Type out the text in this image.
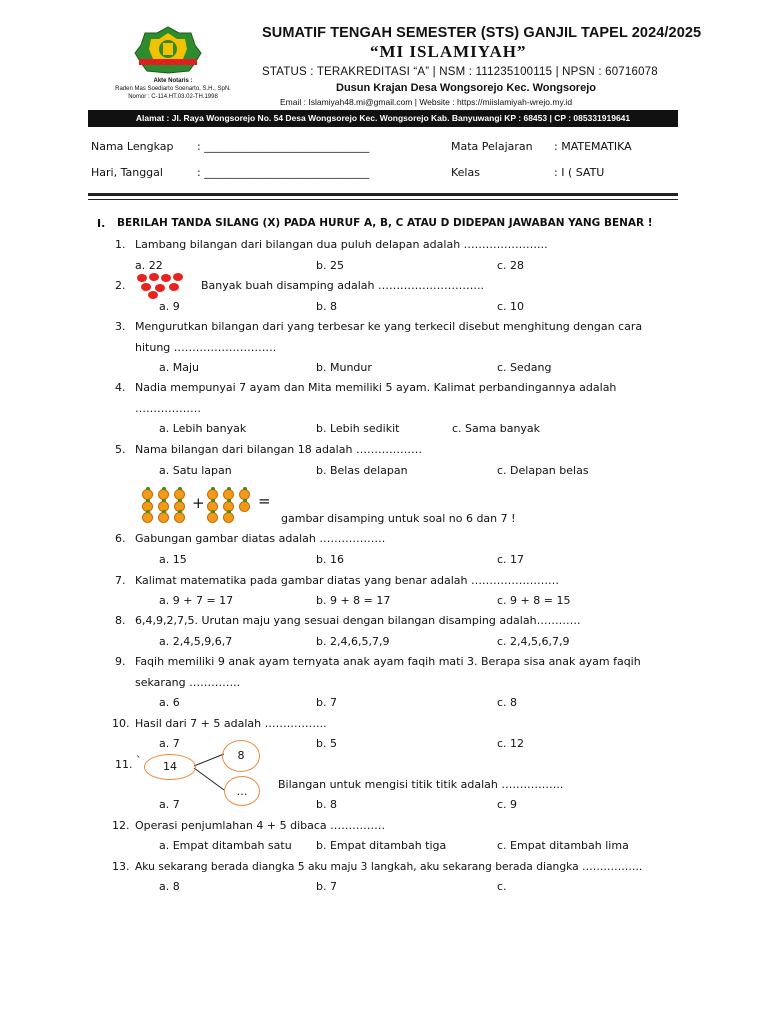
Akte Notaris :
Raden Mas Soediarto Soenarto, S.H., SpN.
Nomor : C-114.HT.03.02-TH.1998
SUMATIF TENGAH SEMESTER (STS) GANJIL TAPEL 2024/2025
“MI ISLAMIYAH”
STATUS : TERAKREDITASI “A” | NSM : 111235100115 | NPSN : 60716078
Dusun Krajan Desa Wongsorejo Kec. Wongsorejo
Email : Islamiyah48.mi@gmail.com | Website : https://miislamiyah-wrejo.my.id
Alamat : Jl. Raya Wongsorejo No. 54 Desa Wongsorejo Kec. Wongsorejo Kab. Banyuwangi KP : 68453 | CP : 085331919641
Nama Lengkap : ______________________________
Hari, Tanggal	: ______________________________
Mata Pelajaran : MATEMATIKA
Kelas	: I ( SATU
I. BERILAH TANDA SILANG (X) PADA HURUF A, B, C ATAU D DIDEPAN JAWABAN YANG BENAR !
1. Lambang bilangan dari bilangan dua puluh delapan adalah …………………..
a. 22	b. 25	c. 28
2.	Banyak buah disamping adalah ………………………..
a. 9	b. 8	c. 10
3. Mengurutkan bilangan dari yang terbesar ke yang terkecil disebut menghitung dengan cara
hitung ……………………….
a. Maju	b. Mundur	c. Sedang
4. Nadia mempunyai 7 ayam dan Mita memiliki 5 ayam. Kalimat perbandingannya adalah
………………
a. Lebih banyak	b. Lebih sedikit	c. Sama banyak
5. Nama bilangan dari bilangan 18 adalah ………………
a. Satu lapan	b. Belas delapan	c. Delapan belas
+	=
gambar disamping untuk soal no 6 dan 7 !
6. Gabungan gambar diatas adalah ………………
a. 15	b. 16	c. 17
7. Kalimat matematika pada gambar diatas yang benar adalah ……………………
a. 9 + 7 = 17	b. 9 + 8 = 17	c. 9 + 8 = 15
8. 6,4,9,2,7,5. Urutan maju yang sesuai dengan bilangan disamping adalah…………
a. 2,4,5,9,6,7	b. 2,4,6,5,7,9	c. 2,4,5,6,7,9
9. Faqih memiliki 9 anak ayam ternyata anak ayam faqih mati 3. Berapa sisa anak ayam faqih
sekarang …………..
a. 6	b. 7	c. 8
10. Hasil dari 7 + 5 adalah ……………..
a. 7	b. 5	c. 12
11. `	14
8
…
Bilangan untuk mengisi titik titik adalah ……………..
a. 7	b. 8	c. 9
12. Operasi penjumlahan 4 + 5 dibaca ……………
a. Empat ditambah satu b. Empat ditambah tiga	c. Empat ditambah lima
13. Aku sekarang berada diangka 5 aku maju 3 langkah, aku sekarang berada diangka ……………..
a. 8	b. 7	c.
